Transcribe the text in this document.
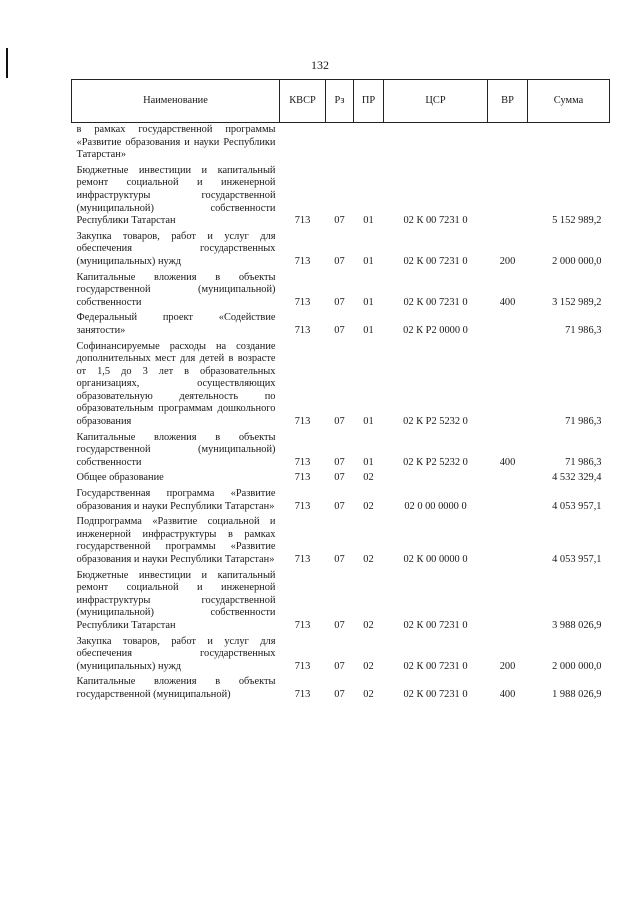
132
Наименование	КВСР	Рз	ПР	ЦСР	ВР	Сумма
в рамках государственной программы «Развитие образования и науки Республики Татарстан»						
Бюджетные инвестиции и капитальный ремонт социальной и инженерной инфраструктуры государственной (муниципальной) собственности Республики Татарстан	713	07	01	02 К 00 7231 0		5 152 989,2
Закупка товаров, работ и услуг для обеспечения государственных (муниципальных) нужд	713	07	01	02 К 00 7231 0	200	2 000 000,0
Капитальные вложения в объекты государственной (муниципальной) собственности	713	07	01	02 К 00 7231 0	400	3 152 989,2
Федеральный проект «Содействие занятости»	713	07	01	02 К Р2 0000 0		71 986,3
Софинансируемые расходы на создание дополнительных мест для детей в возрасте от 1,5 до 3 лет в образовательных организациях, осуществляющих образовательную деятельность по образовательным программам дошкольного образования	713	07	01	02 К Р2 5232 0		71 986,3
Капитальные вложения в объекты государственной (муниципальной) собственности	713	07	01	02 К Р2 5232 0	400	71 986,3
Общее образование	713	07	02			4 532 329,4
Государственная программа «Развитие образования и науки Республики Татарстан»	713	07	02	02 0 00 0000 0		4 053 957,1
Подпрограмма «Развитие социальной и инженерной инфраструктуры в рамках государственной программы «Развитие образования и науки Республики Татарстан»	713	07	02	02 К 00 0000 0		4 053 957,1
Бюджетные инвестиции и капитальный ремонт социальной и инженерной инфраструктуры государственной (муниципальной) собственности Республики Татарстан	713	07	02	02 К 00 7231 0		3 988 026,9
Закупка товаров, работ и услуг для обеспечения государственных (муниципальных) нужд	713	07	02	02 К 00 7231 0	200	2 000 000,0
Капитальные вложения в объекты государственной (муниципальной)	713	07	02	02 К 00 7231 0	400	1 988 026,9
